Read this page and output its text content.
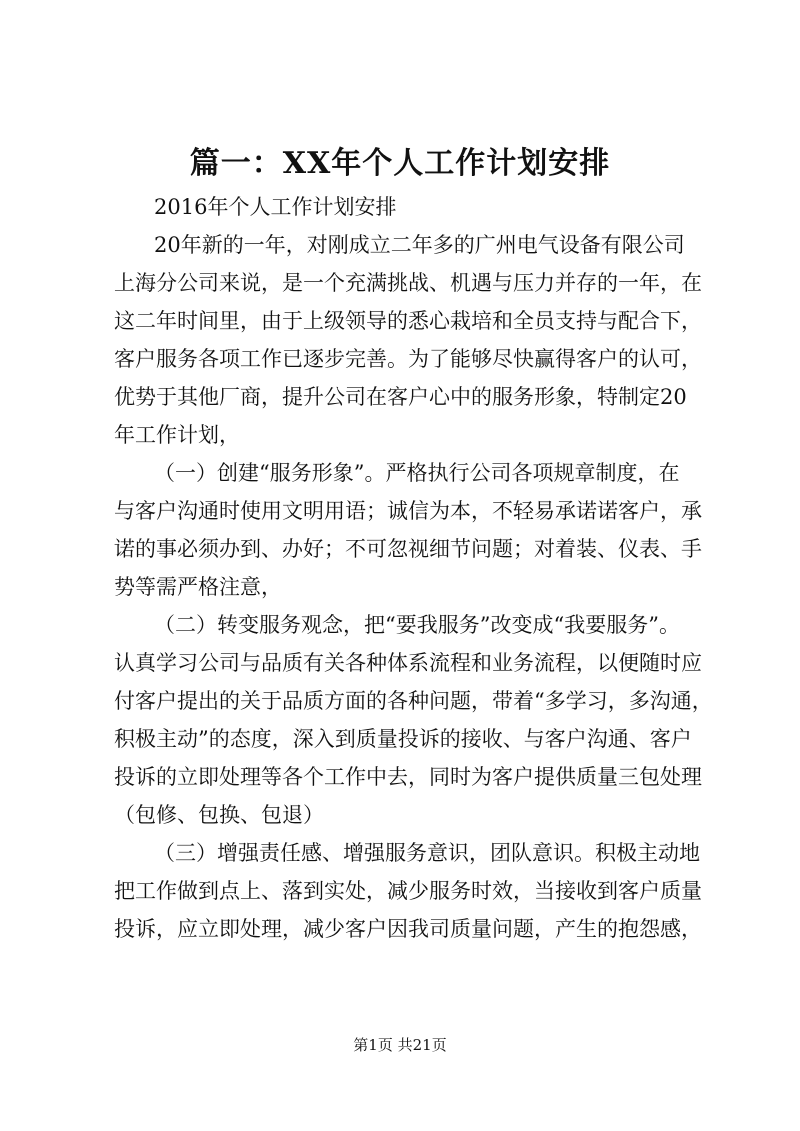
篇一：XX年个人工作计划安排
2016年个人工作计划安排
20年新的一年，对刚成立二年多的广州电气设备有限公司
上海分公司来说，是一个充满挑战、机遇与压力并存的一年，在
这二年时间里，由于上级领导的悉心栽培和全员支持与配合下，
客户服务各项工作已逐步完善。为了能够尽快赢得客户的认可，
优势于其他厂商，提升公司在客户心中的服务形象，特制定20
年工作计划，
（一）创建“服务形象”。严格执行公司各项规章制度，在
与客户沟通时使用文明用语；诚信为本，不轻易承诺诺客户，承
诺的事必须办到、办好；不可忽视细节问题；对着装、仪表、手
势等需严格注意，
（二）转变服务观念，把“要我服务”改变成“我要服务”。
认真学习公司与品质有关各种体系流程和业务流程，以便随时应
付客户提出的关于品质方面的各种问题，带着“多学习，多沟通，
积极主动”的态度，深入到质量投诉的接收、与客户沟通、客户
投诉的立即处理等各个工作中去，同时为客户提供质量三包处理
（包修、包换、包退）
（三）增强责任感、增强服务意识，团队意识。积极主动地
把工作做到点上、落到实处，减少服务时效，当接收到客户质量
投诉，应立即处理，减少客户因我司质量问题，产生的抱怨感，
第1页 共21页
